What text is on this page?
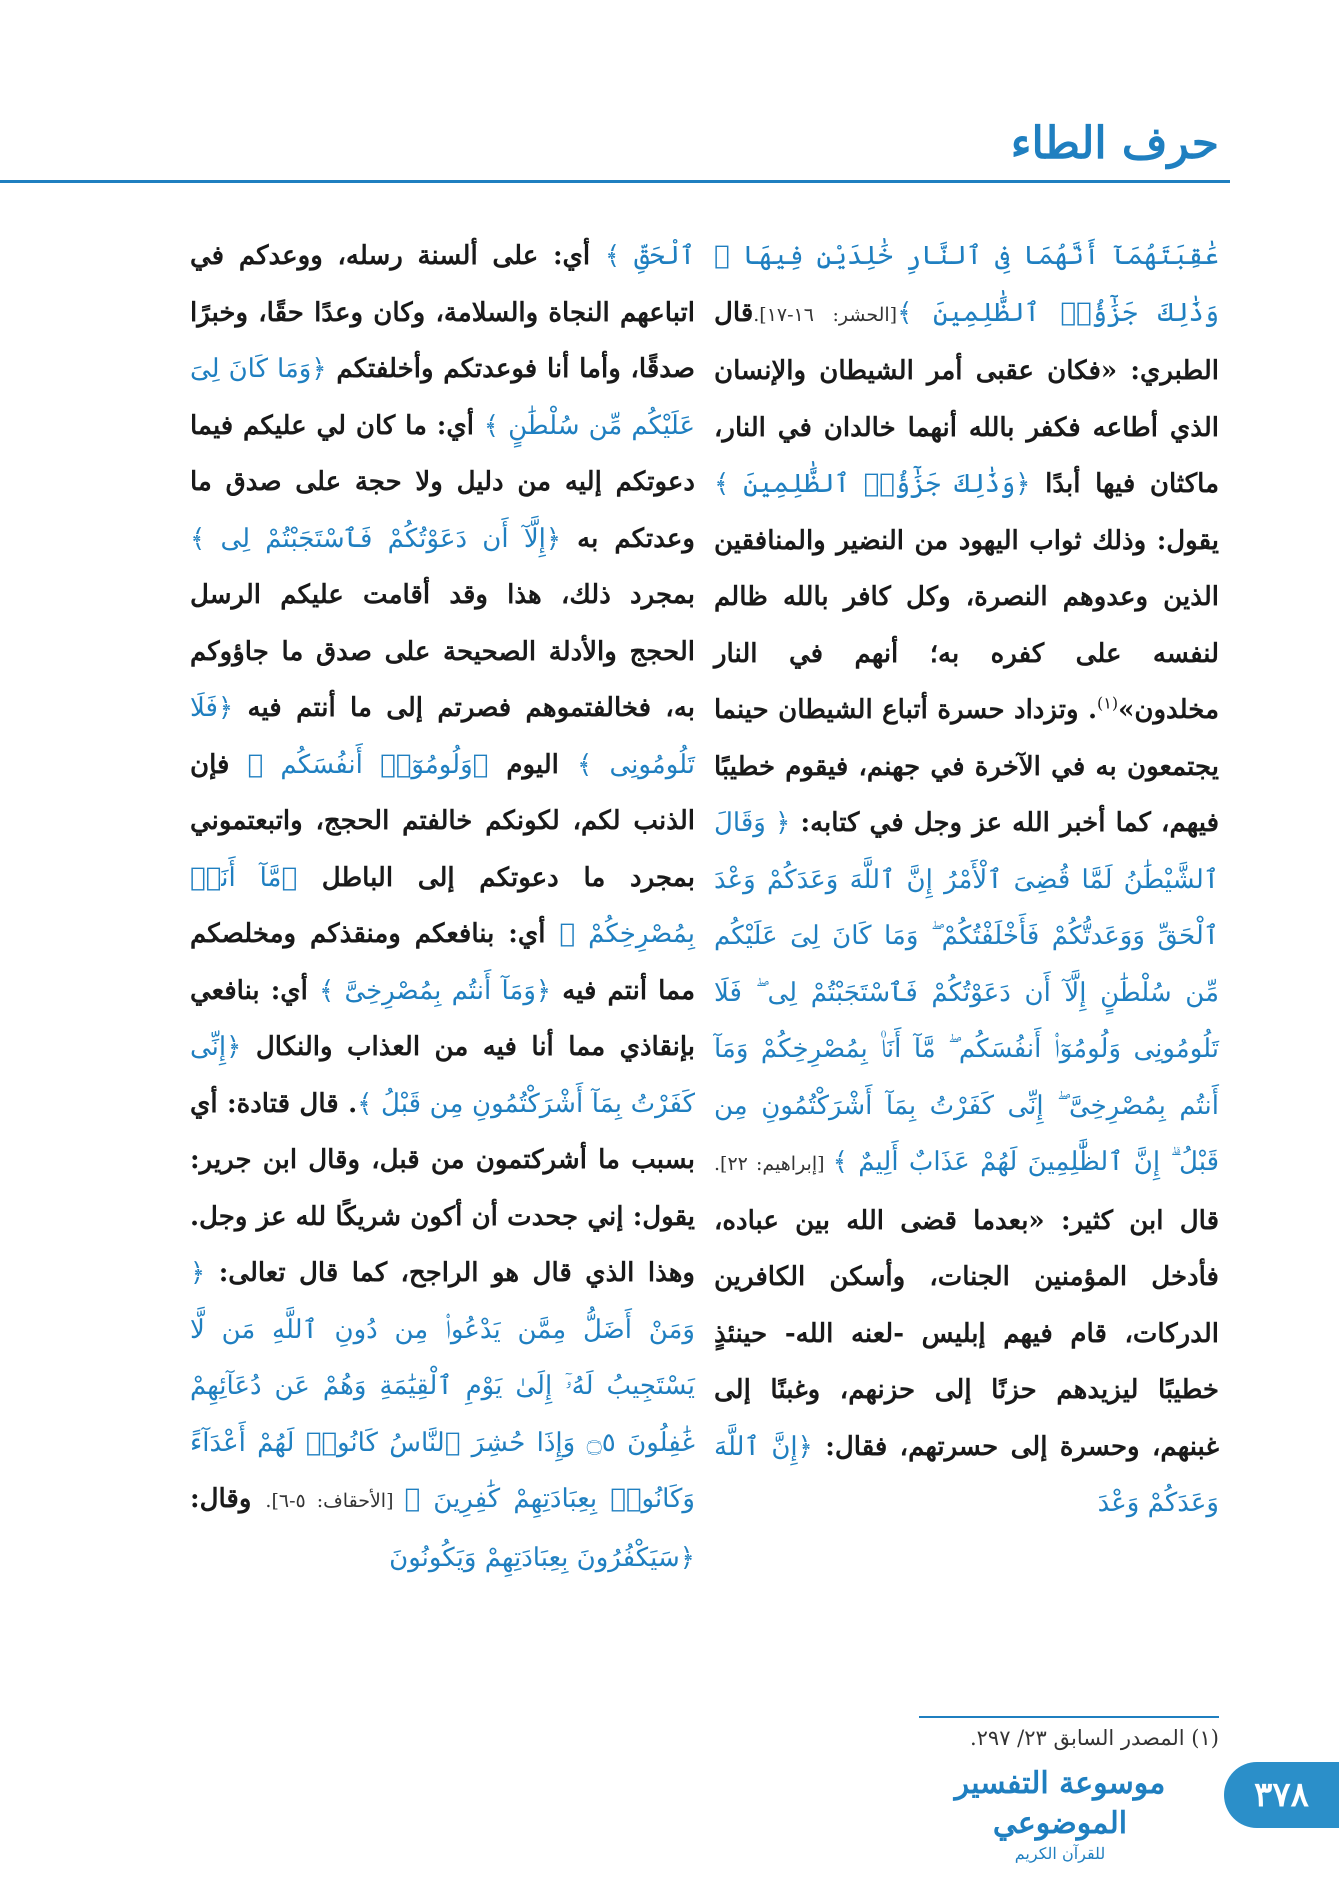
حرف الطاء
عَٰقِبَتَهُمَآ أَنَّهُمَا فِى ٱلنَّارِ خَٰلِدَيْنِ فِيهَا ۚ وَذَٰلِكَ جَزَٰٓؤُا۟ ٱلظَّٰلِمِينَ ﴾[الحشر: ١٦-١٧].قال الطبري: «فكان عقبى أمر الشيطان والإنسان الذي أطاعه فكفر بالله أنهما خالدان في النار، ماكثان فيها أبدًا ﴿وَذَٰلِكَ جَزَٰٓؤُا۟ ٱلظَّٰلِمِينَ ﴾ يقول: وذلك ثواب اليهود من النضير والمنافقين الذين وعدوهم النصرة، وكل كافر بالله ظالم لنفسه على كفره به؛ أنهم في النار مخلدون»$^{(١)}$. وتزداد حسرة أتباع الشيطان حينما يجتمعون به في الآخرة في جهنم، فيقوم خطيبًا فيهم، كما أخبر الله عز وجل في كتابه: ﴿ وَقَالَ ٱلشَّيْطَٰنُ لَمَّا قُضِىَ ٱلْأَمْرُ إِنَّ ٱللَّهَ وَعَدَكُمْ وَعْدَ ٱلْحَقِّ وَوَعَدتُّكُمْ فَأَخْلَفْتُكُمْ ۖ وَمَا كَانَ لِىَ عَلَيْكُم مِّن سُلْطَٰنٍ إِلَّآ أَن دَعَوْتُكُمْ فَٱسْتَجَبْتُمْ لِى ۖ فَلَا تَلُومُونِى وَلُومُوٓا۟ أَنفُسَكُم ۖ مَّآ أَنَا۠ بِمُصْرِخِكُمْ وَمَآ أَنتُم بِمُصْرِخِىَّ ۖ إِنِّى كَفَرْتُ بِمَآ أَشْرَكْتُمُونِ مِن قَبْلُ ۗ إِنَّ ٱلظَّٰلِمِينَ لَهُمْ عَذَابٌ أَلِيمٌ ﴾ [إبراهيم: ٢٢]. قال ابن كثير: «بعدما قضى الله بين عباده، فأدخل المؤمنين الجنات، وأسكن الكافرين الدركات، قام فيهم إبليس -لعنه الله- حينئذٍ خطيبًا ليزيدهم حزنًا إلى حزنهم، وغبنًا إلى غبنهم، وحسرة إلى حسرتهم، فقال: ﴿إِنَّ ٱللَّهَ وَعَدَكُمْ وَعْدَ
ٱلْحَقِّ ﴾ أي: على ألسنة رسله، ووعدكم في اتباعهم النجاة والسلامة، وكان وعدًا حقًا، وخبرًا صدقًا، وأما أنا فوعدتكم وأخلفتكم ﴿وَمَا كَانَ لِىَ عَلَيْكُم مِّن سُلْطَٰنٍ ﴾ أي: ما كان لي عليكم فيما دعوتكم إليه من دليل ولا حجة على صدق ما وعدتكم به ﴿إِلَّآ أَن دَعَوْتُكُمْ فَٱسْتَجَبْتُمْ لِى ﴾ بمجرد ذلك، هذا وقد أقامت عليكم الرسل الحجج والأدلة الصحيحة على صدق ما جاؤوكم به، فخالفتموهم فصرتم إلى ما أنتم فيه ﴿فَلَا تَلُومُونِى ﴾ اليوم ﴿وَلُومُوٓا۟ أَنفُسَكُم ﴾ فإن الذنب لكم، لكونكم خالفتم الحجج، واتبعتموني بمجرد ما دعوتكم إلى الباطل ﴿مَّآ أَنَا۠ بِمُصْرِخِكُمْ ﴾ أي: بنافعكم ومنقذكم ومخلصكم مما أنتم فيه ﴿وَمَآ أَنتُم بِمُصْرِخِىَّ ﴾ أي: بنافعي بإنقاذي مما أنا فيه من العذاب والنكال ﴿إِنِّى كَفَرْتُ بِمَآ أَشْرَكْتُمُونِ مِن قَبْلُ ﴾. قال قتادة: أي بسبب ما أشركتمون من قبل، وقال ابن جرير: يقول: إني جحدت أن أكون شريكًا لله عز وجل. وهذا الذي قال هو الراجح، كما قال تعالى: ﴿ وَمَنْ أَضَلُّ مِمَّن يَدْعُوا۟ مِن دُونِ ٱللَّهِ مَن لَّا يَسْتَجِيبُ لَهُۥٓ إِلَىٰ يَوْمِ ٱلْقِيَٰمَةِ وَهُمْ عَن دُعَآئِهِمْ غَٰفِلُونَ ۝٥ وَإِذَا حُشِرَ ٱلنَّاسُ كَانُوا۟ لَهُمْ أَعْدَآءً وَكَانُوا۟ بِعِبَادَتِهِمْ كَٰفِرِينَ ﴾ [الأحقاف: ٥-٦]. وقال: ﴿سَيَكْفُرُونَ بِعِبَادَتِهِمْ وَيَكُونُونَ
(١) المصدر السابق ٢٣/ ٢٩٧.
موسوعة التفسير الموضوعي
للقرآن الكريم
٣٧٨
